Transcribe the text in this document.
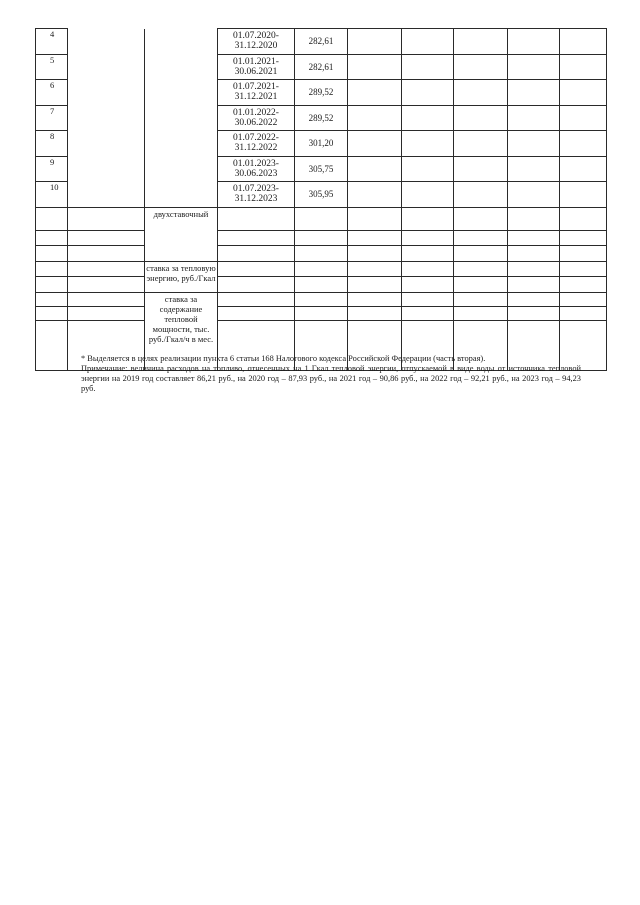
4			01.07.2020-31.12.2020	282,61					
5			01.01.2021-30.06.2021	282,61					
6			01.07.2021-31.12.2021	289,52					
7			01.01.2022-30.06.2022	289,52					
8			01.07.2022-31.12.2022	301,20					
9			01.01.2023-30.06.2023	305,75					
10			01.07.2023-31.12.2023	305,95					
		двухставочный							

		ставка за тепловую энергию, руб./Гкал							

		ставка за содержание тепловой мощности, тыс. руб./Гкал/ч в мес.							

* Выделяется в целях реализации пункта 6 статьи 168 Налогового кодекса Российской Федерации (часть вторая).

Примечание: величина расходов на топливо, отнесенных на 1 Гкал тепловой энергии, отпускаемой в виде воды от источника тепловой энергии на 2019 год составляет 86,21 руб., на 2020 год – 87,93 руб., на 2021 год – 90,86 руб., на 2022 год – 92,21 руб., на 2023 год – 94,23 руб.
